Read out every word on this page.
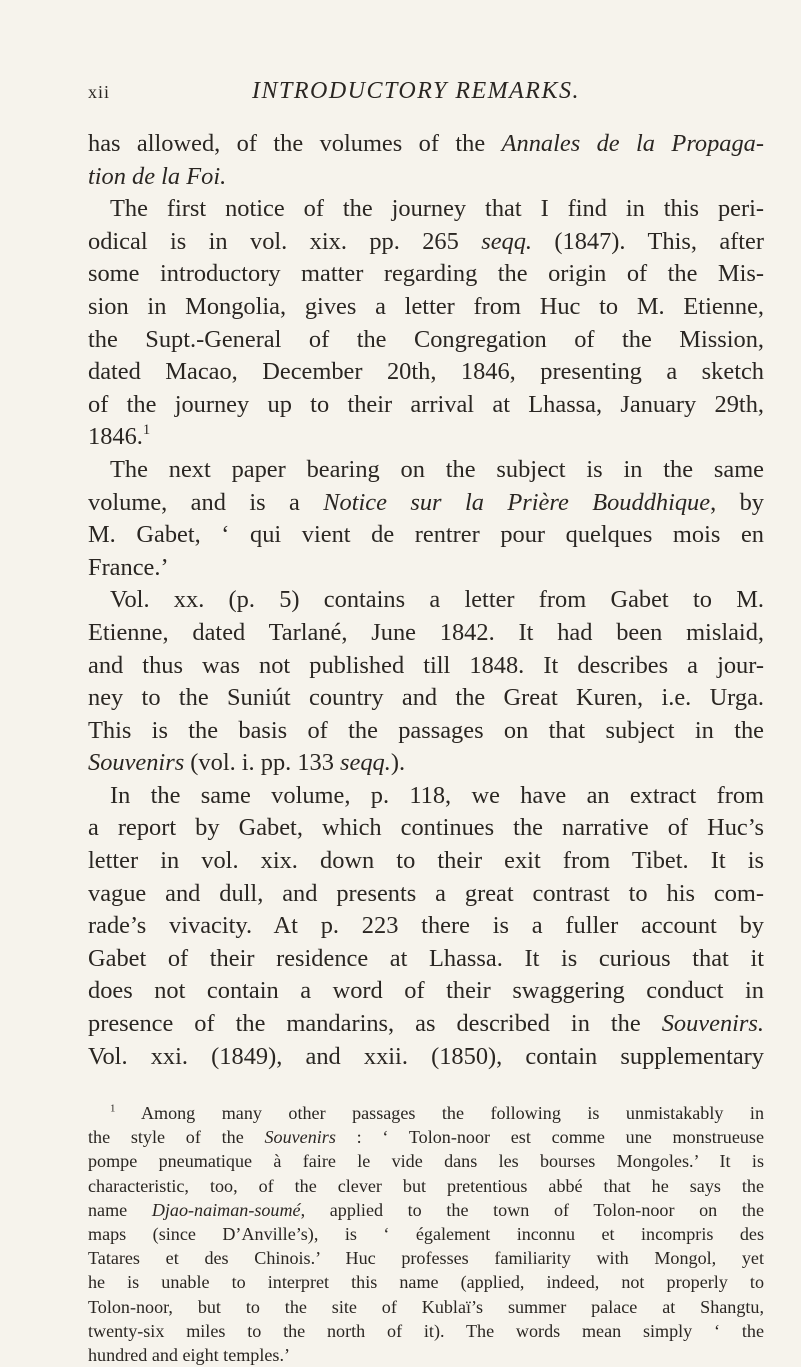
xii	INTRODUCTORY REMARKS.
has allowed, of the volumes of the Annales de la Propaga-
tion de la Foi.
The first notice of the journey that I find in this peri-
odical is in vol. xix. pp. 265 seqq. (1847). This, after
some introductory matter regarding the origin of the Mis-
sion in Mongolia, gives a letter from Huc to M. Etienne,
the Supt.-General of the Congregation of the Mission,
dated Macao, December 20th, 1846, presenting a sketch
of the journey up to their arrival at Lhassa, January 29th,
1846.$^1$
The next paper bearing on the subject is in the same
volume, and is a Notice sur la Prière Bouddhique, by
M. Gabet, ‘ qui vient de rentrer pour quelques mois en
France.’
Vol. xx. (p. 5) contains a letter from Gabet to M.
Etienne, dated Tarlané, June 1842. It had been mislaid,
and thus was not published till 1848. It describes a jour-
ney to the Suniút country and the Great Kuren, i.e. Urga.
This is the basis of the passages on that subject in the
Souvenirs (vol. i. pp. 133 seqq.).
In the same volume, p. 118, we have an extract from
a report by Gabet, which continues the narrative of Huc’s
letter in vol. xix. down to their exit from Tibet. It is
vague and dull, and presents a great contrast to his com-
rade’s vivacity. At p. 223 there is a fuller account by
Gabet of their residence at Lhassa. It is curious that it
does not contain a word of their swaggering conduct in
presence of the mandarins, as described in the Souvenirs.
Vol. xxi. (1849), and xxii. (1850), contain supplementary
$^1$ Among many other passages the following is unmistakably in
the style of the Souvenirs : ‘ Tolon-noor est comme une monstrueuse
pompe pneumatique à faire le vide dans les bourses Mongoles.’ It is
characteristic, too, of the clever but pretentious abbé that he says the
name Djao-naiman-soumé, applied to the town of Tolon-noor on the
maps (since D’Anville’s), is ‘ également inconnu et incompris des
Tatares et des Chinois.’ Huc professes familiarity with Mongol, yet
he is unable to interpret this name (applied, indeed, not properly to
Tolon-noor, but to the site of Kublaï’s summer palace at Shangtu,
twenty-six miles to the north of it). The words mean simply ‘ the
hundred and eight temples.’
